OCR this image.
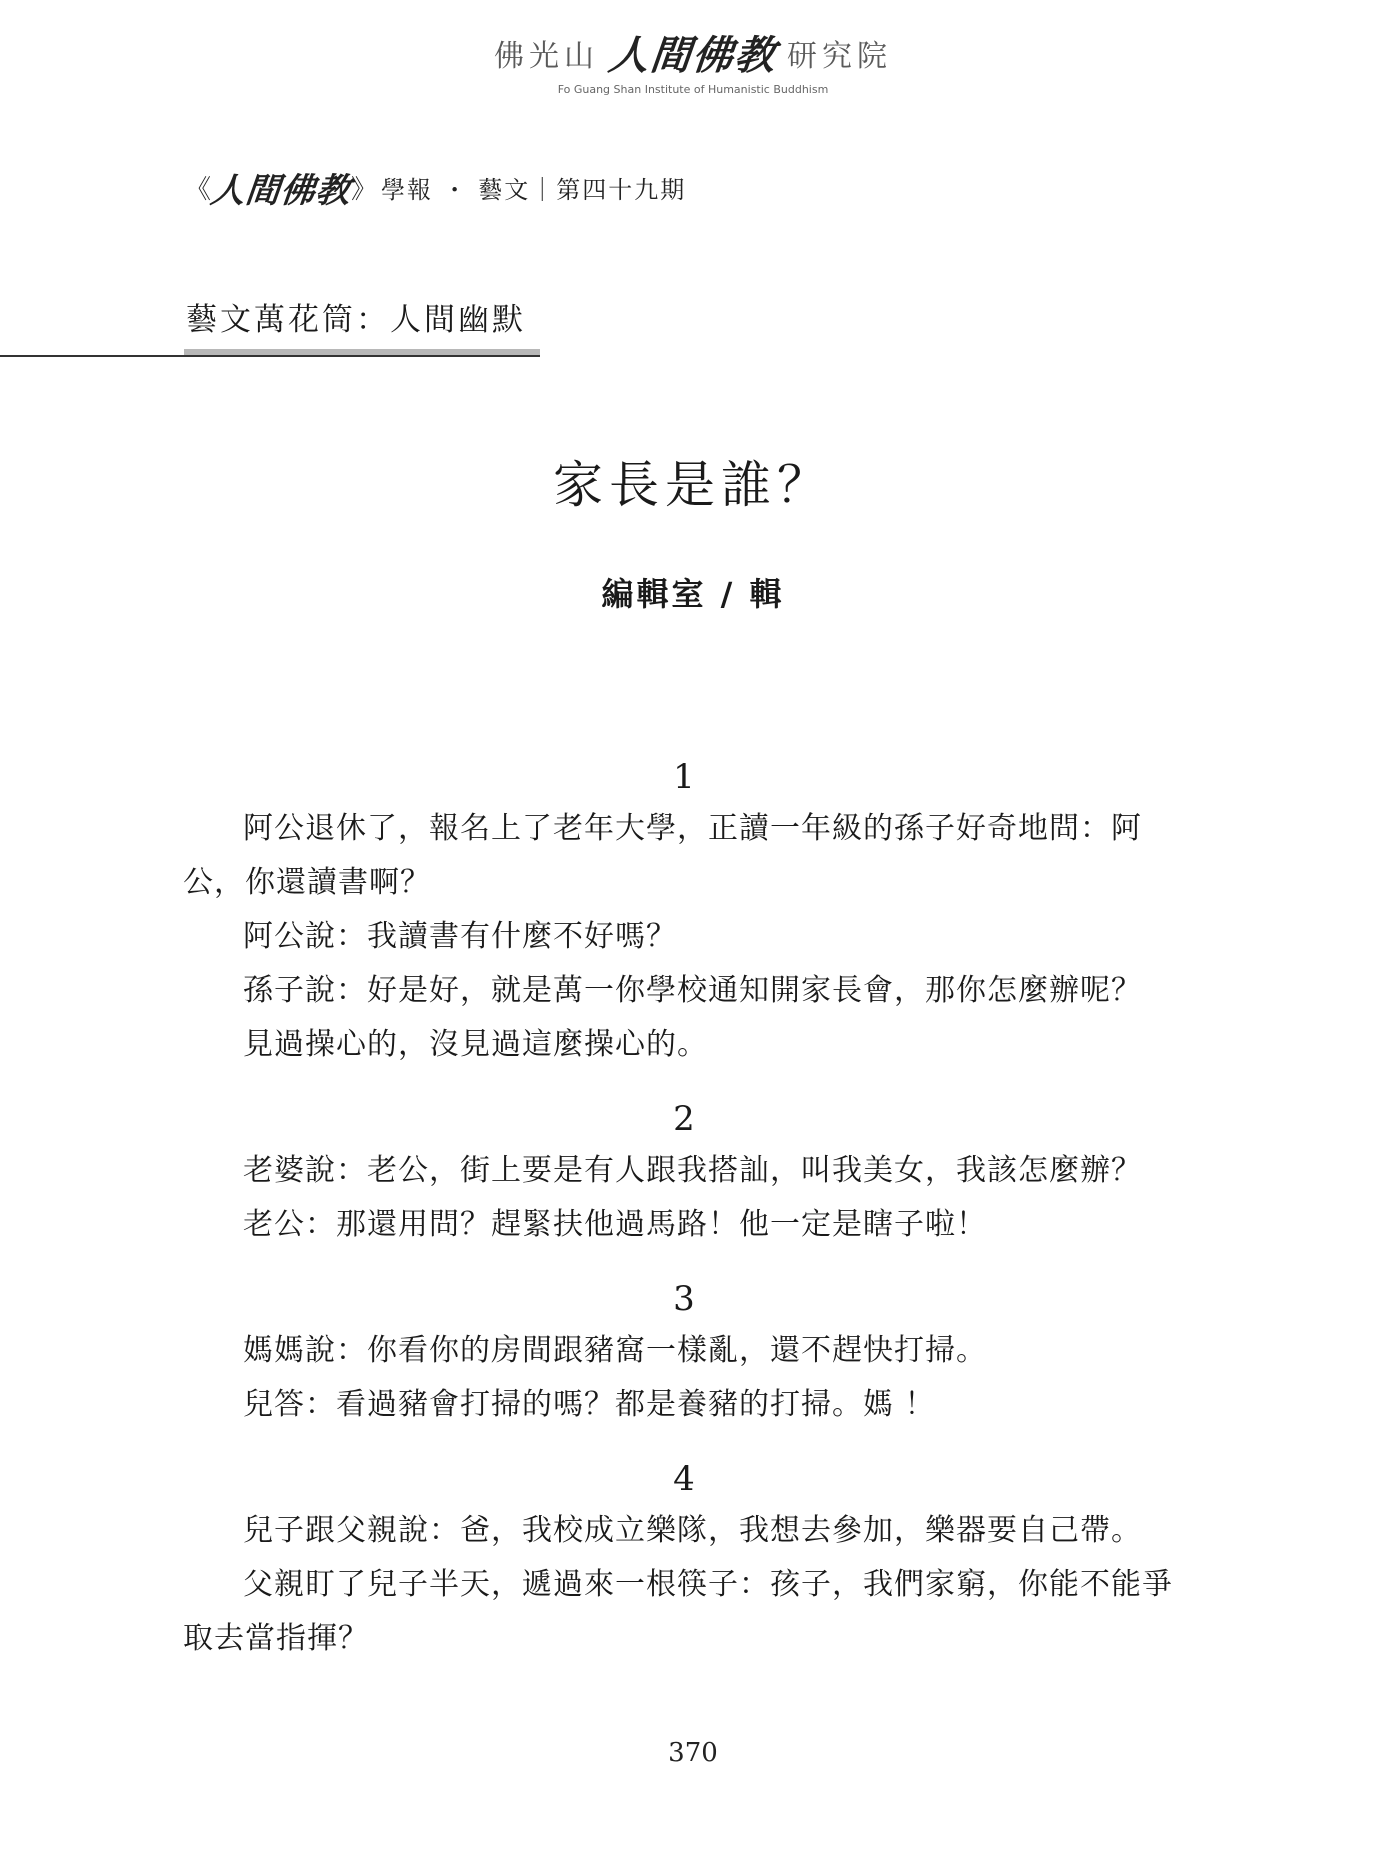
佛光山 人間佛教 研究院
Fo Guang Shan Institute of Humanistic Buddhism
《
人間佛教
》 學報 ・ 藝文｜第四十九期
藝文萬花筒：人間幽默
家長是誰？
編輯室 / 輯
1

阿公退休了，報名上了老年大學，正讀一年級的孫子好奇地問：阿公，你還讀書啊？

阿公說：我讀書有什麼不好嗎？

孫子說：好是好，就是萬一你學校通知開家長會，那你怎麼辦呢？

見過操心的，沒見過這麼操心的。

2

老婆說：老公，街上要是有人跟我搭訕，叫我美女，我該怎麼辦？

老公：那還用問？趕緊扶他過馬路！他一定是瞎子啦！

3

媽媽說：你看你的房間跟豬窩一樣亂，還不趕快打掃。

兒答：看過豬會打掃的嗎？都是養豬的打掃。媽 ！

4

兒子跟父親說：爸，我校成立樂隊，我想去參加，樂器要自己帶。

父親盯了兒子半天，遞過來一根筷子：孩子，我們家窮，你能不能爭取去當指揮？

370
